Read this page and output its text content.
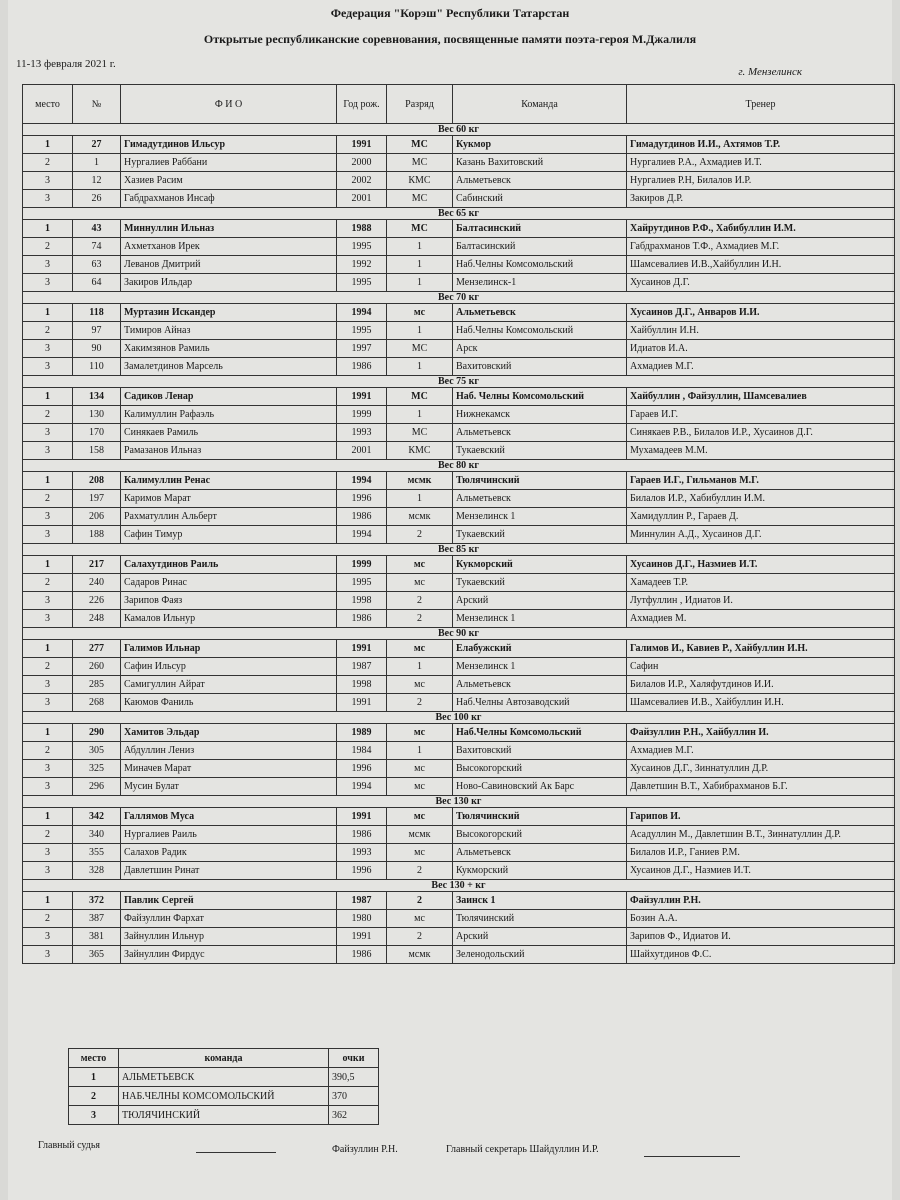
Федерация "Корэш" Республики Татарстан
Открытые республиканские соревнования, посвященные памяти поэта-героя М.Джалиля
11-13 февраля 2021 г.
г. Мензелинск
место	№	Ф И О	Год рож.	Разряд	Команда	Тренер
Вес 60 кг						
1	27	Гимадутдинов Ильсур	1991	МС	Кукмор	Гимадутдинов И.И., Ахтямов Т.Р.
2	1	Нургалиев Раббани	2000	МС	Казань Вахитовский	Нургалиев Р.А., Ахмадиев И.Т.
3	12	Хазиев Расим	2002	КМС	Альметьевск	Нургалиев Р.Н, Билалов И.Р.
3	26	Габдрахманов Инсаф	2001	МС	Сабинский	Закиров Д.Р.
Вес 65 кг						
1	43	Миннуллин Ильназ	1988	МС	Балтасинский	Хайрутдинов Р.Ф., Хабибуллин И.М.
2	74	Ахметханов Ирек	1995	1	Балтасинский	Габдрахманов Т.Ф., Ахмадиев М.Г.
3	63	Леванов Дмитрий	1992	1	Наб.Челны Комсомольский	Шамсевалиев И.В.,Хайбуллин И.Н.
3	64	Закиров Ильдар	1995	1	Мензелинск-1	Хусаинов Д.Г.
Вес 70 кг						
1	118	Муртазин Искандер	1994	мс	Альметьевск	Хусаинов Д.Г., Анваров И.И.
2	97	Тимиров Айназ	1995	1	Наб.Челны Комсомольский	Хайбуллин И.Н.
3	90	Хакимзянов Рамиль	1997	МС	Арск	Идиатов И.А.
3	110	Замалетдинов Марсель	1986	1	Вахитовский	Ахмадиев М.Г.
Вес 75 кг						
1	134	Садиков Ленар	1991	МС	Наб. Челны Комсомольский	Хайбуллин , Файзуллин, Шамсевалиев
2	130	Калимуллин Рафаэль	1999	1	Нижнекамск	Гараев И.Г.
3	170	Синякаев Рамиль	1993	МС	Альметьевск	Синякаев Р.В., Билалов И.Р., Хусаинов Д.Г.
3	158	Рамазанов Ильназ	2001	КМС	Тукаевский	Мухамадеев М.М.
Вес 80 кг						
1	208	Калимуллин Ренас	1994	мсмк	Тюлячинский	Гараев И.Г., Гильманов М.Г.
2	197	Каримов Марат	1996	1	Альметьевск	Билалов И.Р., Хабибуллин И.М.
3	206	Рахматуллин Альберт	1986	мсмк	Мензелинск 1	Хамидуллин Р., Гараев Д.
3	188	Сафин Тимур	1994	2	Тукаевский	Миннулин А.Д., Хусаинов Д.Г.
Вес 85 кг						
1	217	Салахутдинов Раиль	1999	мс	Кукморский	Хусаинов Д.Г., Назмиев И.Т.
2	240	Садаров Ринас	1995	мс	Тукаевский	Хамадеев Т.Р.
3	226	Зарипов Фаяз	1998	2	Арский	Лутфуллин , Идиатов И.
3	248	Камалов Ильнур	1986	2	Мензелинск 1	Ахмадиев М.
Вес 90 кг						
1	277	Галимов Ильнар	1991	мс	Елабужский	Галимов И., Кавиев Р., Хайбуллин И.Н.
2	260	Сафин Ильсур	1987	1	Мензелинск 1	Сафин
3	285	Самигуллин Айрат	1998	мс	Альметьевск	Билалов И.Р., Халяфутдинов И.И.
3	268	Каюмов Фаниль	1991	2	Наб.Челны Автозаводский	Шамсевалиев И.В., Хайбуллин И.Н.
Вес 100 кг						
1	290	Хамитов Эльдар	1989	мс	Наб.Челны Комсомольский	Файзуллин Р.Н., Хайбуллин И.
2	305	Абдуллин Лениз	1984	1	Вахитовский	Ахмадиев М.Г.
3	325	Миначев Марат	1996	мс	Высокогорский	Хусаинов Д.Г., Зиннатуллин Д.Р.
3	296	Мусин Булат	1994	мс	Ново-Савиновский Ак Барс	Давлетшин В.Т., Хабибрахманов Б.Г.
Вес 130 кг						
1	342	Галлямов Муса	1991	мс	Тюлячинский	Гарипов И.
2	340	Нургалиев Раиль	1986	мсмк	Высокогорский	Асадуллин М., Давлетшин В.Т., Зиннатуллин Д.Р.
3	355	Салахов Радик	1993	мс	Альметьевск	Билалов И.Р., Ганиев Р.М.
3	328	Давлетшин Ринат	1996	2	Кукморский	Хусаинов Д.Г., Назмиев И.Т.
Вес 130 + кг						
1	372	Павлик Сергей	1987	2	Заинск 1	Файзуллин Р.Н.
2	387	Файзуллин Фархат	1980	мс	Тюлячинский	Бозин А.А.
3	381	Зайнуллин Ильнур	1991	2	Арский	Зарипов Ф., Идиатов И.
3	365	Зайнуллин Фирдус	1986	мсмк	Зеленодольский	Шайхутдинов Ф.С.
место	команда	очки
1	АЛЬМЕТЬЕВСК	390,5
2	НАБ.ЧЕЛНЫ КОМСОМОЛЬСКИЙ	370
3	ТЮЛЯЧИНСКИЙ	362
Главный судья	Файзуллин Р.Н.	Главный секретарь Шайдуллин И.Р.
